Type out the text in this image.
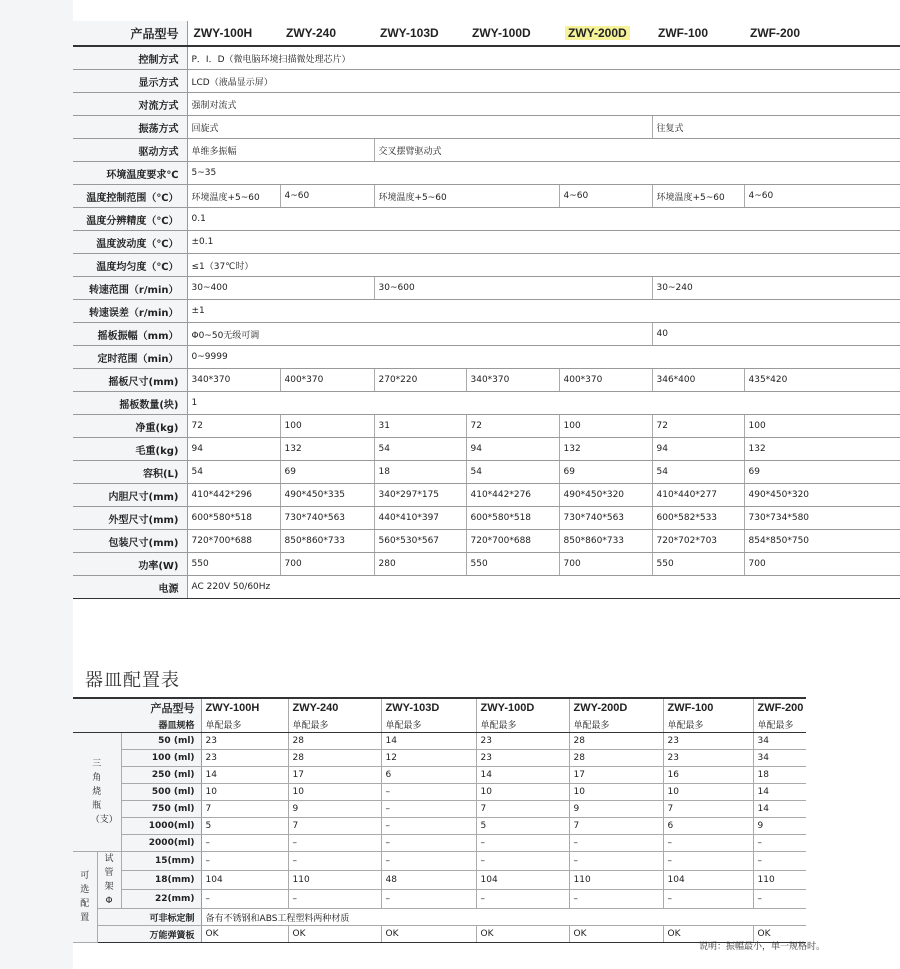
产品型号	ZWY-100H	ZWY-240	ZWY-103D	ZWY-100D	ZWY-200D	ZWF-100	ZWF-200
控制方式	P．I．D（微电脑环境扫描微处理芯片）						
显示方式	LCD（液晶显示屏）						
对流方式	强制对流式						
振荡方式	回旋式					往复式	
驱动方式	单维多振幅		交叉摆臂驱动式				
环境温度要求℃	5~35						
温度控制范围（℃）	环境温度+5~60	4~60	环境温度+5~60		4~60	环境温度+5~60	4~60
温度分辨精度（℃）	0.1						
温度波动度（℃）	±0.1						
温度均匀度（℃）	≤1（37℃时）						
转速范围（r/min）	30~400		30~600			30~240	
转速误差（r/min）	±1						
摇板振幅（mm）	Φ0~50无级可调					40	
定时范围（min）	0~9999						
摇板尺寸(mm)	340*370	400*370	270*220	340*370	400*370	346*400	435*420
摇板数量(块)	1						
净重(kg)	72	100	31	72	100	72	100
毛重(kg)	94	132	54	94	132	94	132
容积(L)	54	69	18	54	69	54	69
内胆尺寸(mm)	410*442*296	490*450*335	340*297*175	410*442*276	490*450*320	410*440*277	490*450*320
外型尺寸(mm)	600*580*518	730*740*563	440*410*397	600*580*518	730*740*563	600*582*533	730*734*580
包装尺寸(mm)	720*700*688	850*860*733	560*530*567	720*700*688	850*860*733	720*702*703	854*850*750
功率(W)	550	700	280	550	700	550	700
电源	AC 220V 50/60Hz						
器皿配置表
产品型号			ZWY-100H	ZWY-240	ZWY-103D	ZWY-100D	ZWY-200D	ZWF-100	ZWF-200
器皿规格			单配最多	单配最多	单配最多	单配最多	单配最多	单配最多	单配最多
三角烧瓶（支）		50 (ml)	23	28	14	23	28	23	34
		100 (ml)	23	28	12	23	28	23	34
		250 (ml)	14	17	6	14	17	16	18
		500 (ml)	10	10	–	10	10	10	14
		750 (ml)	7	9	–	7	9	7	14
		1000(ml)	5	7	–	5	7	6	9
		2000(ml)	–	–	–	–	–	–	–
可选配置	试管架Φ	15(mm)	–	–	–	–	–	–	–
		18(mm)	104	110	48	104	110	104	110
		22(mm)	–	–	–	–	–	–	–
	可非标定制		备有不锈钢和ABS工程塑料两种材质						
	万能弹簧板		OK	OK	OK	OK	OK	OK	OK
说明：振幅最小，单一规格时。
